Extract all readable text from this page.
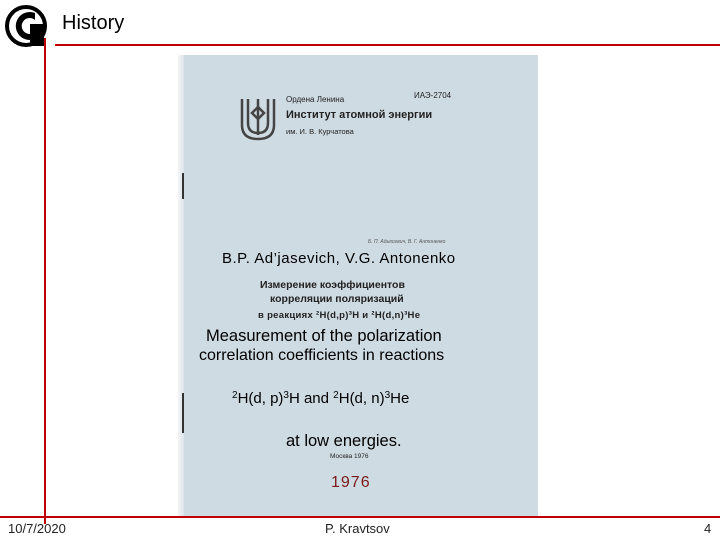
History
Ордена Ленина
Институт атомной энергии
им. И. В. Курчатова
ИАЭ-2704
Б. П. Адьясевич, В. Г. Антоненко
Измерение коэффициентов
корреляции поляризаций
в реакциях ²H(d,p)³H и ²H(d,n)³He
Москва 1976
B.P. Ad’jasevich, V.G. Antonenko
Measurement of the polarization
correlation coefficients in reactions
$^2$H(d, p)$^3$H and $^2$H(d, n)$^3$He
at low energies.
1976
10/7/2020	P. Kravtsov	4
